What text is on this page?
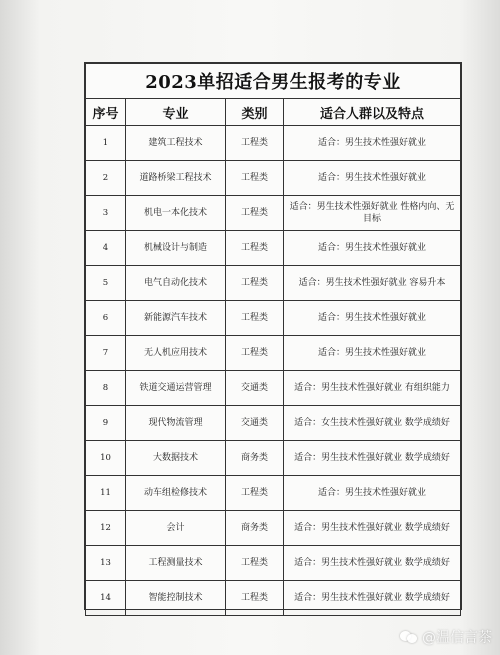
2023单招适合男生报考的专业			
序号	专业	类别	适合人群以及特点
1	建筑工程技术	工程类	适合：男生技术性强好就业
2	道路桥梁工程技术	工程类	适合：男生技术性强好就业
3	机电一本化技术	工程类	适合：男生技术性强好就业 性格内向、无目标
4	机械设计与制造	工程类	适合：男生技术性强好就业
5	电气自动化技术	工程类	适合：男生技术性强好就业 容易升本
6	新能源汽车技术	工程类	适合：男生技术性强好就业
7	无人机应用技术	工程类	适合：男生技术性强好就业
8	铁道交通运营管理	交通类	适合：男生技术性强好就业 有组织能力
9	现代物流管理	交通类	适合：女生技术性强好就业 数学成绩好
10	大数据技术	商务类	适合：男生技术性强好就业 数学成绩好
11	动车组检修技术	工程类	适合：男生技术性强好就业
12	会计	商务类	适合：男生技术性强好就业 数学成绩好
13	工程测量技术	工程类	适合：男生技术性强好就业 数学成绩好
14	智能控制技术	工程类	适合：男生技术性强好就业 数学成绩好
@温信言茶
